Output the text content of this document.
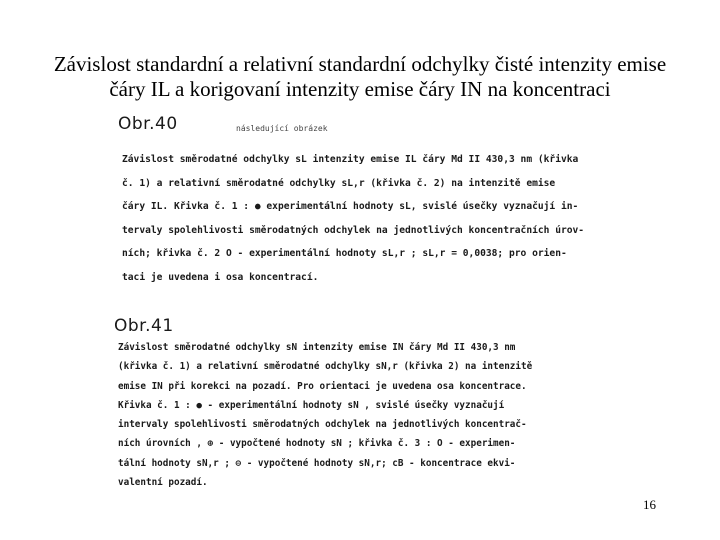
Závislost standardní a relativní standardní odchylky čisté intenzity emise čáry IL a korigovaní intenzity emise čáry IN na koncentraci
Obr.40	následující obrázek
Závislost směrodatné odchylky sL intenzity emise IL čáry Md II 430,3 nm (křivka
č. 1) a relativní směrodatné odchylky sL,r (křivka č. 2) na intenzitě emise
čáry IL. Křivka č. 1 : ● experimentální hodnoty sL, svislé úsečky vyznačují in-
tervaly spolehlivosti směrodatných odchylek na jednotlivých koncentračních úrov-
ních; křivka č. 2 O - experimentální hodnoty sL,r ; sL,r = 0,0038; pro orien-
taci je uvedena i osa koncentrací.
Obr.41
Závislost směrodatné odchylky sN intenzity emise IN čáry Md II 430,3 nm
(křivka č. 1) a relativní směrodatné odchylky sN,r (křivka 2) na intenzitě
emise IN při korekci na pozadí. Pro orientaci je uvedena osa koncentrace.
Křivka č. 1 : ● - experimentální hodnoty sN , svislé úsečky vyznačují
intervaly spolehlivosti směrodatných odchylek na jednotlivých koncentrač-
ních úrovních , ⊕ - vypočtené hodnoty sN ; křivka č. 3 : O - experimen-
tální hodnoty sN,r ; ⊖ - vypočtené hodnoty sN,r; cB - koncentrace ekvi-
valentní pozadí.
16
